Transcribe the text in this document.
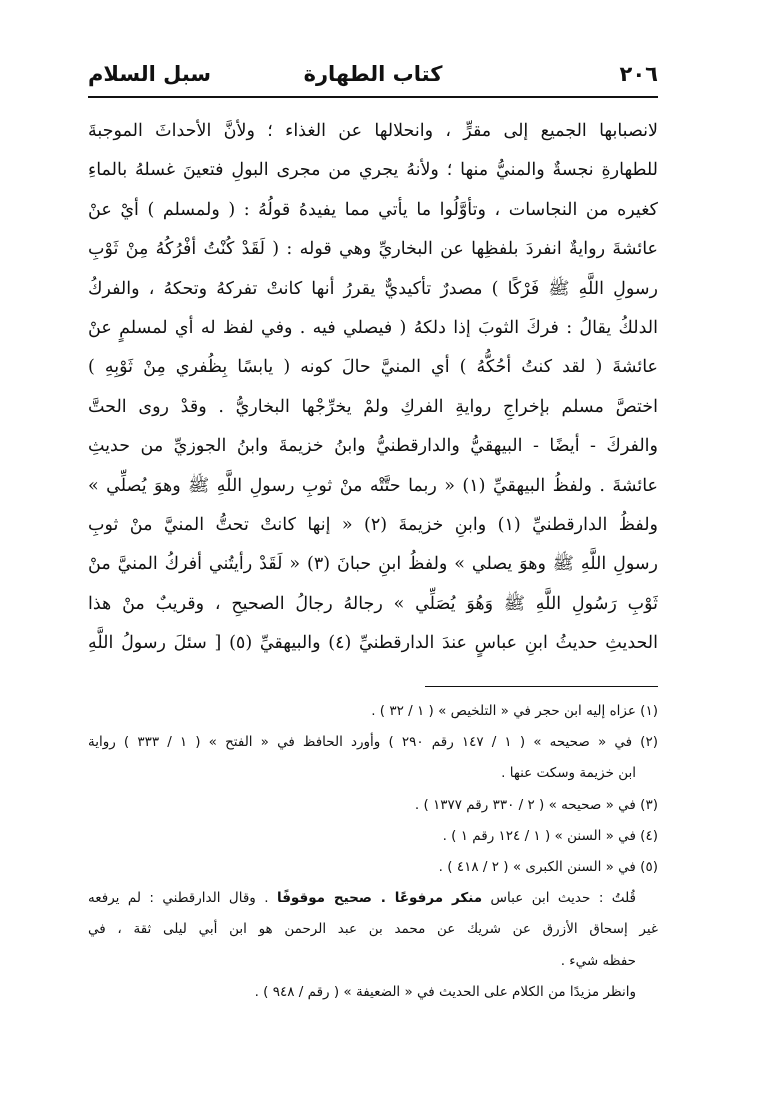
٢٠٦
كتاب الطهارة
سبل السلام
لانصبابها الجميع إلى مقرٍّ ، وانحلالها عن الغذاء ؛ ولأنَّ الأحداثَ الموجبةَ
للطهارةِ نجسةٌ والمنيُّ منها ؛ ولأنهُ يجري من مجرى البولِ فتعينَ غسلهُ بالماءِ
كغيره من النجاسات ، وتأوَّلُوا ما يأتي مما يفيدهُ قولُهُ : ( ولمسلم ) أيْ عنْ
عائشةَ روايةٌ انفردَ بلفظِها عن البخاريِّ وهي قوله : ( لَقَدْ كُنْتُ أفْرُكُهُ مِنْ ثَوْبِ
رسولِ اللَّهِ ﷺ فَرْكًا ) مصدرٌ تأكيديٌّ يقررُ أنها كانتْ تفركهُ وتحكهُ ، والفركُ
الدلكُ يقالُ : فركَ الثوبَ إذا دلكهُ ( فيصلي فيه . وفي لفظ له أي لمسلمٍ عنْ
عائشةَ ( لقد كنتُ أحُكُّهُ ) أي المنيَّ حالَ كونه ( يابسًا بِظُفري مِنْ ثَوْبِهِ )
اختصَّ مسلم بإخراجِ روايةِ الفركِ ولمْ يخرِّجْها البخاريُّ . وقدْ روى الحتَّ
والفركَ - أيضًا - البيهقيُّ والدارقطنيُّ وابنُ خزيمةَ وابنُ الجوزيِّ من حديثِ
عائشةَ . ولفظُ البيهقيِّ (١) « ربما حتَّتْه منْ ثوبِ رسولِ اللَّهِ ﷺ وهوَ يُصلِّي »
ولفظُ الدارقطنيِّ (١) وابنِ خزيمةَ (٢) « إنها كانتْ تحتُّ المنيَّ منْ ثوبِ
رسولِ اللَّهِ ﷺ وهوَ يصلي » ولفظُ ابنِ حبانَ (٣) « لَقَدْ رأيتُني أفركُ المنيَّ منْ
ثَوْبِ رَسُولِ اللَّهِ ﷺ وَهُوَ يُصَلِّي » رجالهُ رجالُ الصحيحِ ، وقريبٌ منْ هذا
الحديثِ حديثُ ابنِ عباسٍ عندَ الدارقطنيِّ (٤) والبيهقيِّ (٥) [ سئلَ رسولُ اللَّهِ
(١) عزاه إليه ابن حجر في « التلخيص » ( ١ / ٣٢ ) .
(٢) في « صحيحه » ( ١ / ١٤٧ رقم ٢٩٠ ) وأورد الحافظ في « الفتح » ( ١ / ٣٣٣ ) رواية
ابن خزيمة وسكت عنها .
(٣) في « صحيحه » ( ٢ / ٣٣٠ رقم ١٣٧٧ ) .
(٤) في « السنن » ( ١ / ١٢٤ رقم ١ ) .
(٥) في « السنن الكبرى » ( ٢ / ٤١٨ ) .
قُلتُ : حديث ابن عباس منكر مرفوعًا . صحيح موقوفًا . وقال الدارقطني : لم يرفعه
غير إسحاق الأزرق عن شريك عن محمد بن عبد الرحمن هو ابن أبي ليلى ثقة ، في
حفظه شيء .
وانظر مزيدًا من الكلام على الحديث في « الضعيفة » ( رقم / ٩٤٨ ) .
